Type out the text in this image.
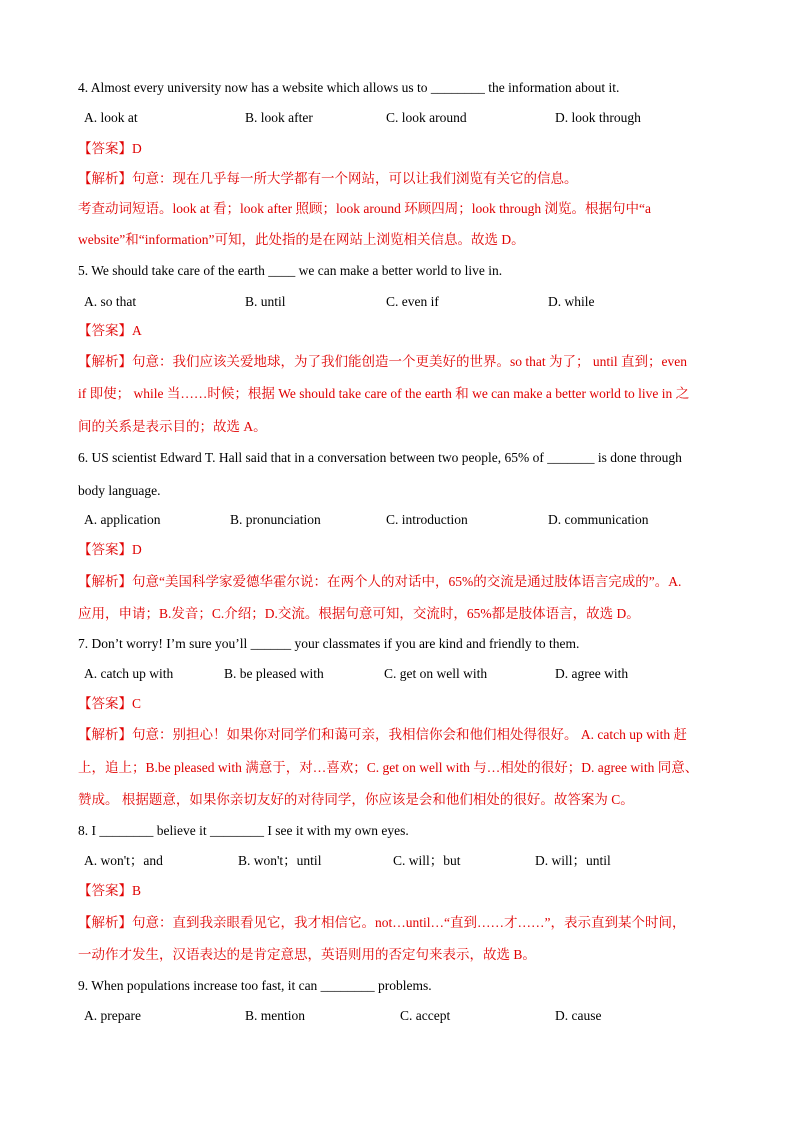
4. Almost every university now has a website which allows us to ________ the information about it.
A. look at	B. look after	C. look around	D. look through
【答案】D
【解析】句意：现在几乎每一所大学都有一个网站，可以让我们浏览有关它的信息。
考查动词短语。look at 看；look after 照顾；look around 环顾四周；look through 浏览。根据句中“a
website”和“information”可知，此处指的是在网站上浏览相关信息。故选 D。
5. We should take care of the earth ____ we can make a better world to live in.
A. so that	B. until	C. even if	D. while
【答案】A
【解析】句意：我们应该关爱地球，为了我们能创造一个更美好的世界。so that 为了； until 直到；even
if 即使； while 当……时候；根据 We should take care of the earth 和 we can make a better world to live in 之
间的关系是表示目的；故选 A。
6. US scientist Edward T. Hall said that in a conversation between two people, 65% of _______ is done through
body language.
A. application	B. pronunciation	C. introduction	D. communication
【答案】D
【解析】句意“美国科学家爱德华霍尔说：在两个人的对话中，65%的交流是通过肢体语言完成的”。A.
应用，申请；B.发音；C.介绍；D.交流。根据句意可知，交流时，65%都是肢体语言，故选 D。
7. Don’t worry! I’m sure you’ll ______ your classmates if you are kind and friendly to them.
A. catch up with	B. be pleased with	C. get on well with	D. agree with
【答案】C
【解析】句意：别担心！如果你对同学们和蔼可亲，我相信你会和他们相处得很好。 A. catch up with 赶
上，追上；B.be pleased with 满意于，对…喜欢；C. get on well with 与…相处的很好；D. agree with 同意、
赞成。 根据题意，如果你亲切友好的对待同学，你应该是会和他们相处的很好。故答案为 C。
8. I ________ believe it ________ I see it with my own eyes.
A. won't；and	B. won't；until	C. will；but	D. will；until
【答案】B
【解析】句意：直到我亲眼看见它，我才相信它。not…until…“直到……才……”，表示直到某个时间，
一动作才发生，汉语表达的是肯定意思，英语则用的否定句来表示，故选 B。
9. When populations increase too fast, it can ________ problems.
A. prepare	B. mention	C. accept	D. cause
